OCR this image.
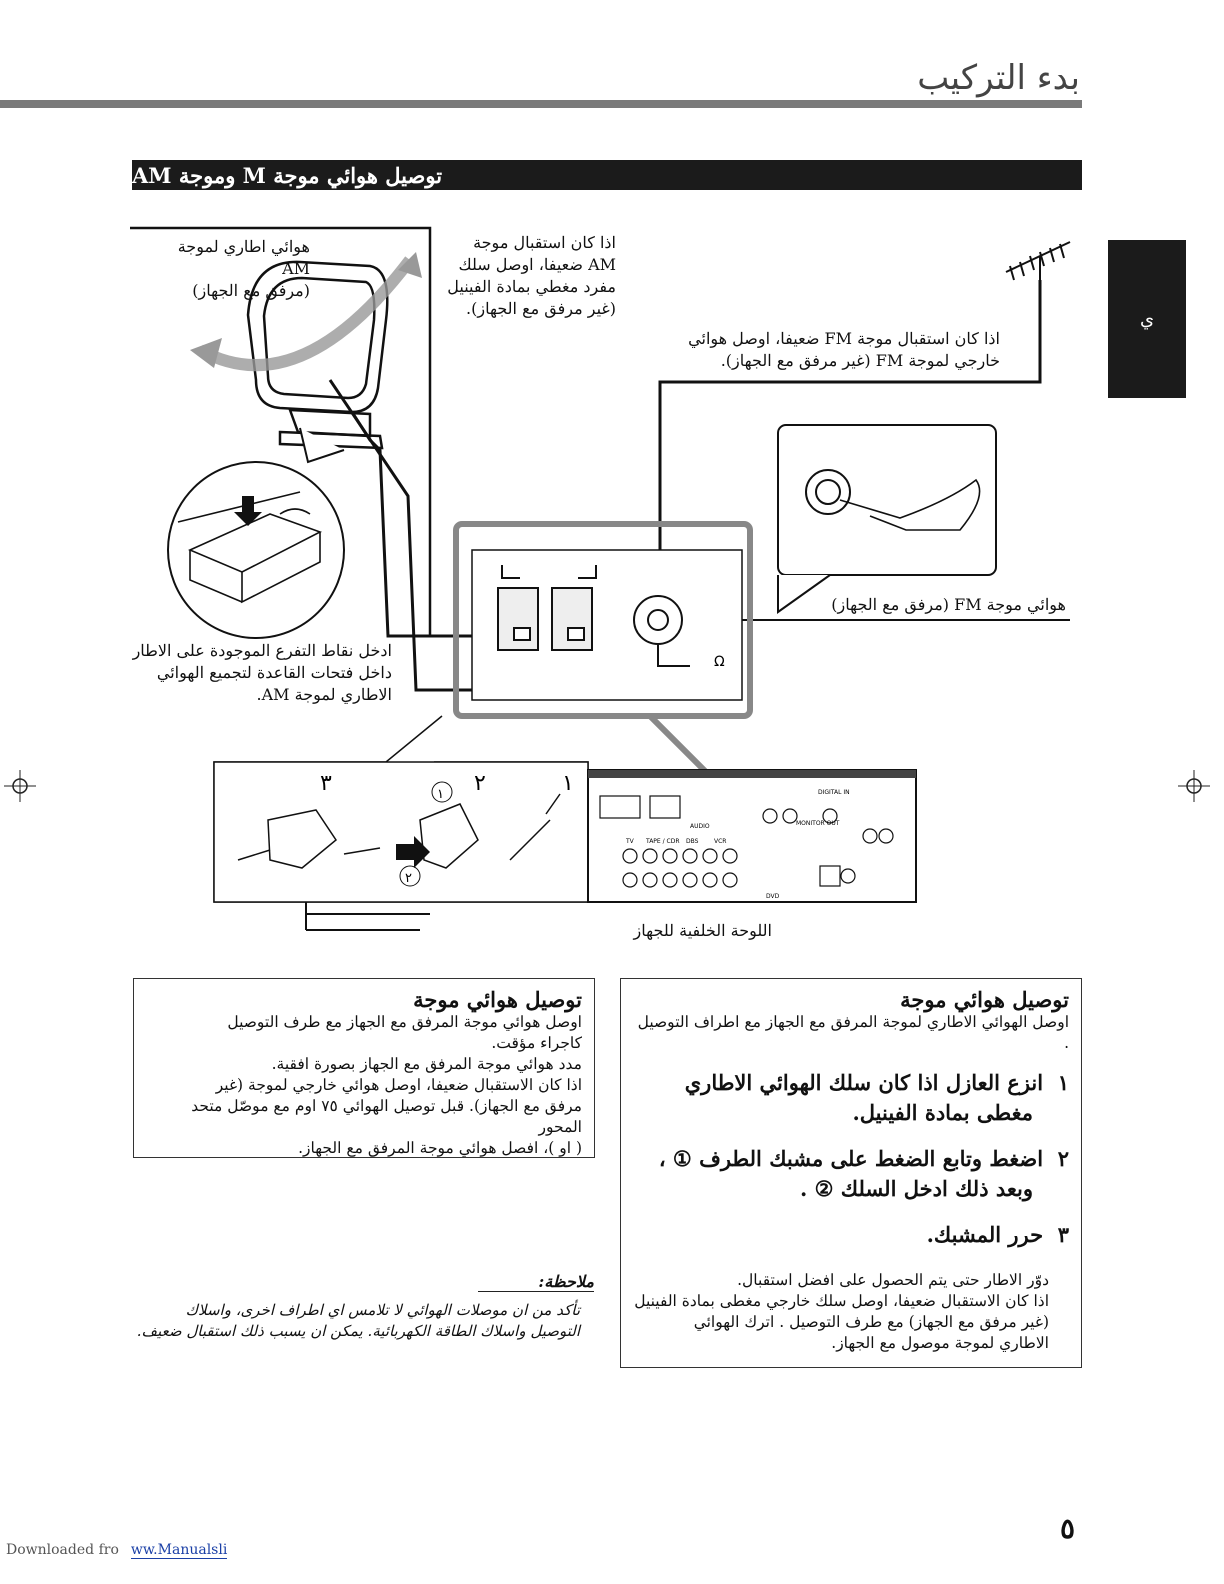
بدء التركيب
ي
توصيل هوائي موجة M وموجة AM
Ω
١
٢
٣	١
٢
DIGITAL IN
TV TAPE / CDR DBS	VCR
MONITOR OUT
DVD
AUDIO
هوائي اطاري لموجة AM
(مرفق مع الجهاز)
اذا كان استقبال موجة
AM ضعيفا، اوصل سلك
مفرد مغطي بمادة الفينيل
(غير مرفق مع الجهاز).
اذا كان استقبال موجة FM ضعيفا، اوصل هوائي
خارجي لموجة FM (غير مرفق مع الجهاز).
هوائي موجة FM (مرفق مع الجهاز)
ادخل نقاط التفرع الموجودة على الاطار
داخل فتحات القاعدة لتجميع الهوائي
الاطاري لموجة AM.
اللوحة الخلفية للجهاز
توصيل هوائي موجة

اوصل هوائي موجة المرفق مع الجهاز مع طرف التوصيل

كاجراء مؤقت.

مدد هوائي موجة المرفق مع الجهاز بصورة افقية.

اذا كان الاستقبال ضعيفا، اوصل هوائي خارجي لموجة (غير

مرفق مع الجهاز). قبل توصيل الهوائي ٧٥ اوم مع موصّل متحد المحور

( او )، افصل هوائي موجة المرفق مع الجهاز.

توصيل هوائي موجة

اوصل الهوائي الاطاري لموجة المرفق مع الجهاز مع اطراف التوصيل

.

١  انزع العازل اذا كان سلك الهوائي الاطاري
مغطى بمادة الفينيل.
٢  اضغط وتابع الضغط على مشبك الطرف ① ،
وبعد ذلك ادخل السلك ② .
٣  حرر المشبك.

دوّر الاطار حتى يتم الحصول على افضل استقبال.

اذا كان الاستقبال ضعيفا، اوصل سلك خارجي مغطى بمادة الفينيل

(غير مرفق مع الجهاز) مع طرف التوصيل . اترك الهوائي

الاطاري لموجة موصول مع الجهاز.

ملاحظة:
تأكد من ان موصلات الهوائي لا تلامس اي اطراف اخرى، واسلاك التوصيل واسلاك الطاقة الكهربائية. يمكن ان يسبب ذلك استقبال ضعيف.
٥
Downloaded fro ww.Manualsli
